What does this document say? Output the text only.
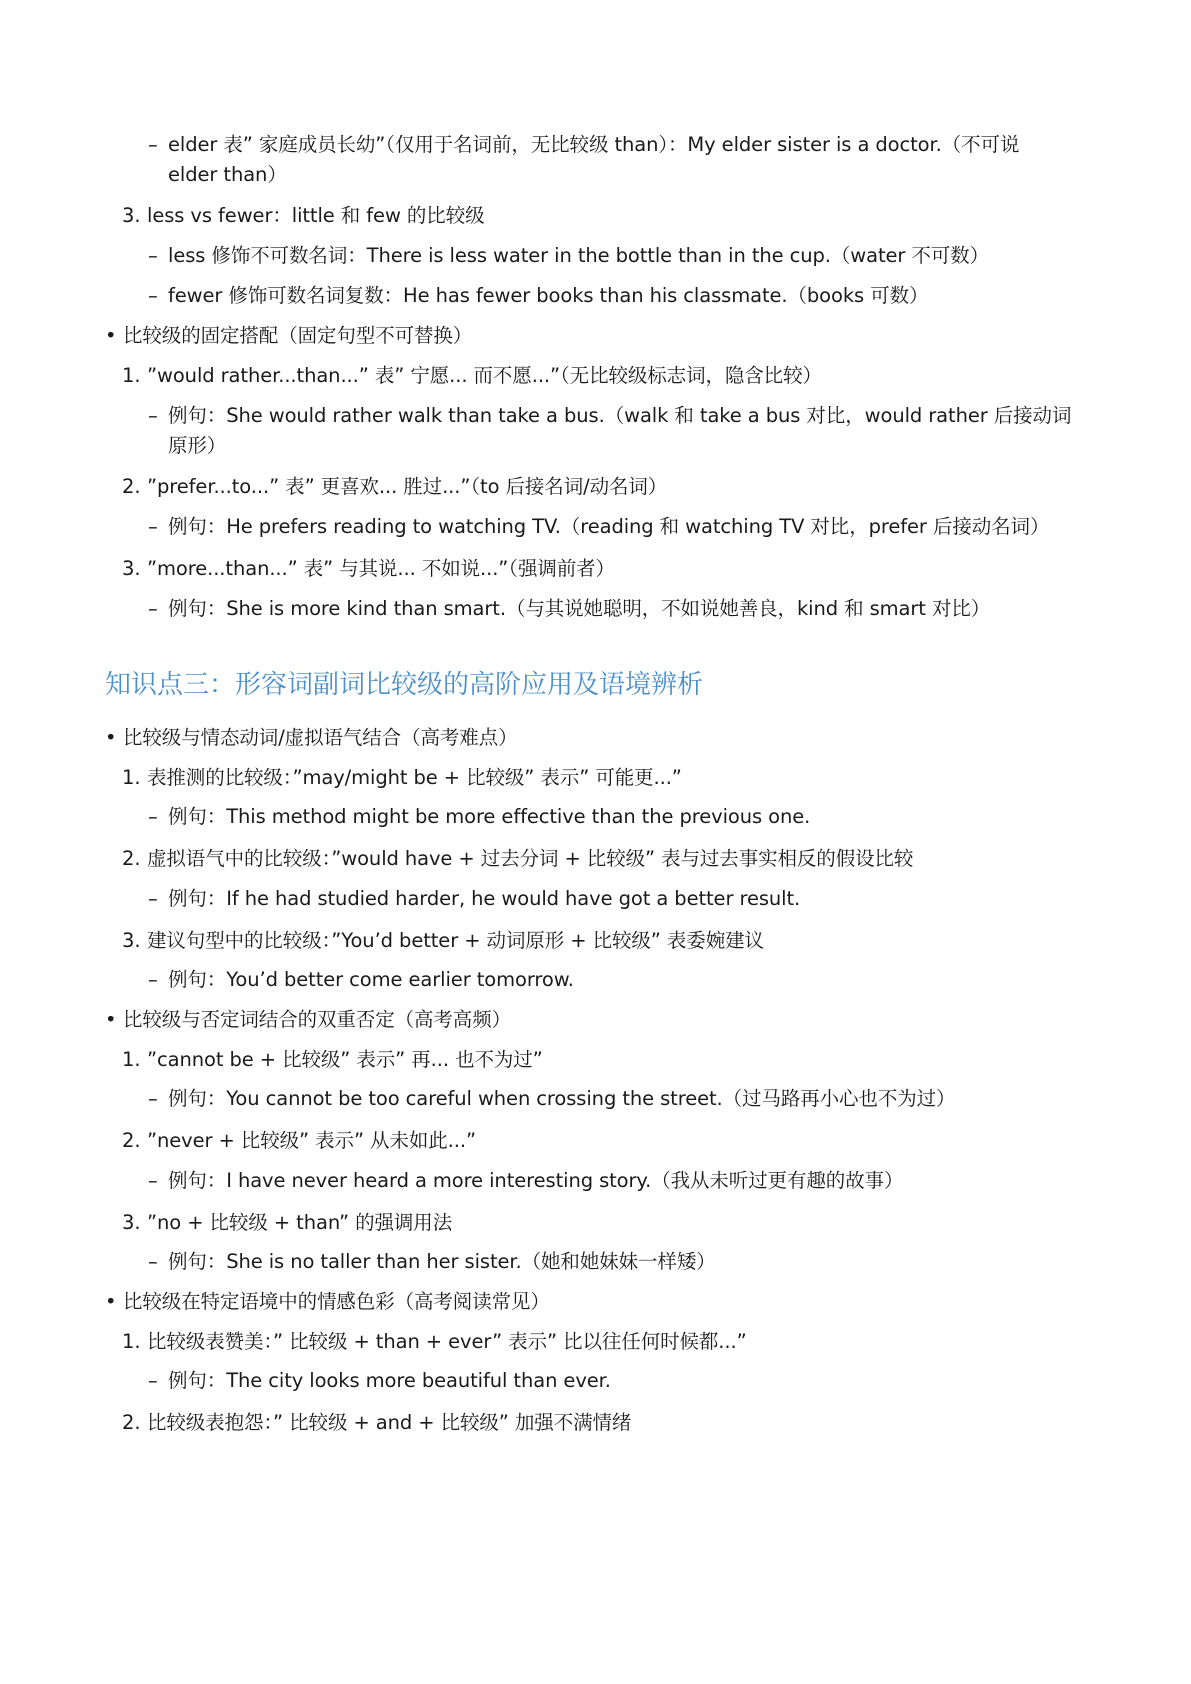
– elder 表” 家庭成员长幼”（仅用于名词前，无比较级 than）：My elder sister is a doctor.（不可说

elder than）

3. less vs fewer：little 和 few 的比较级

– less 修饰不可数名词：There is less water in the bottle than in the cup.（water 不可数）

– fewer 修饰可数名词复数：He has fewer books than his classmate.（books 可数）

• 比较级的固定搭配（固定句型不可替换）

1. ”would rather...than...” 表” 宁愿... 而不愿...”（无比较级标志词，隐含比较）

– 例句：She would rather walk than take a bus.（walk 和 take a bus 对比，would rather 后接动词

原形）

2. ”prefer...to...” 表” 更喜欢... 胜过...”（to 后接名词/动名词）

– 例句：He prefers reading to watching TV.（reading 和 watching TV 对比，prefer 后接动名词）

3. ”more...than...” 表” 与其说... 不如说...”（强调前者）

– 例句：She is more kind than smart.（与其说她聪明，不如说她善良，kind 和 smart 对比）

知识点三：形容词副词比较级的高阶应用及语境辨析
• 比较级与情态动词/虚拟语气结合（高考难点）

1. 表推测的比较级：”may/might be + 比较级” 表示” 可能更...”

– 例句：This method might be more effective than the previous one.

2. 虚拟语气中的比较级：”would have + 过去分词 + 比较级” 表与过去事实相反的假设比较

– 例句：If he had studied harder, he would have got a better result.

3. 建议句型中的比较级：”You’d better + 动词原形 + 比较级” 表委婉建议

– 例句：You’d better come earlier tomorrow.

• 比较级与否定词结合的双重否定（高考高频）

1. ”cannot be + 比较级” 表示” 再... 也不为过”

– 例句：You cannot be too careful when crossing the street.（过马路再小心也不为过）

2. ”never + 比较级” 表示” 从未如此...”

– 例句：I have never heard a more interesting story.（我从未听过更有趣的故事）

3. ”no + 比较级 + than” 的强调用法

– 例句：She is no taller than her sister.（她和她妹妹一样矮）

• 比较级在特定语境中的情感色彩（高考阅读常见）

1. 比较级表赞美：” 比较级 + than + ever” 表示” 比以往任何时候都...”

– 例句：The city looks more beautiful than ever.

2. 比较级表抱怨：” 比较级 + and + 比较级” 加强不满情绪
